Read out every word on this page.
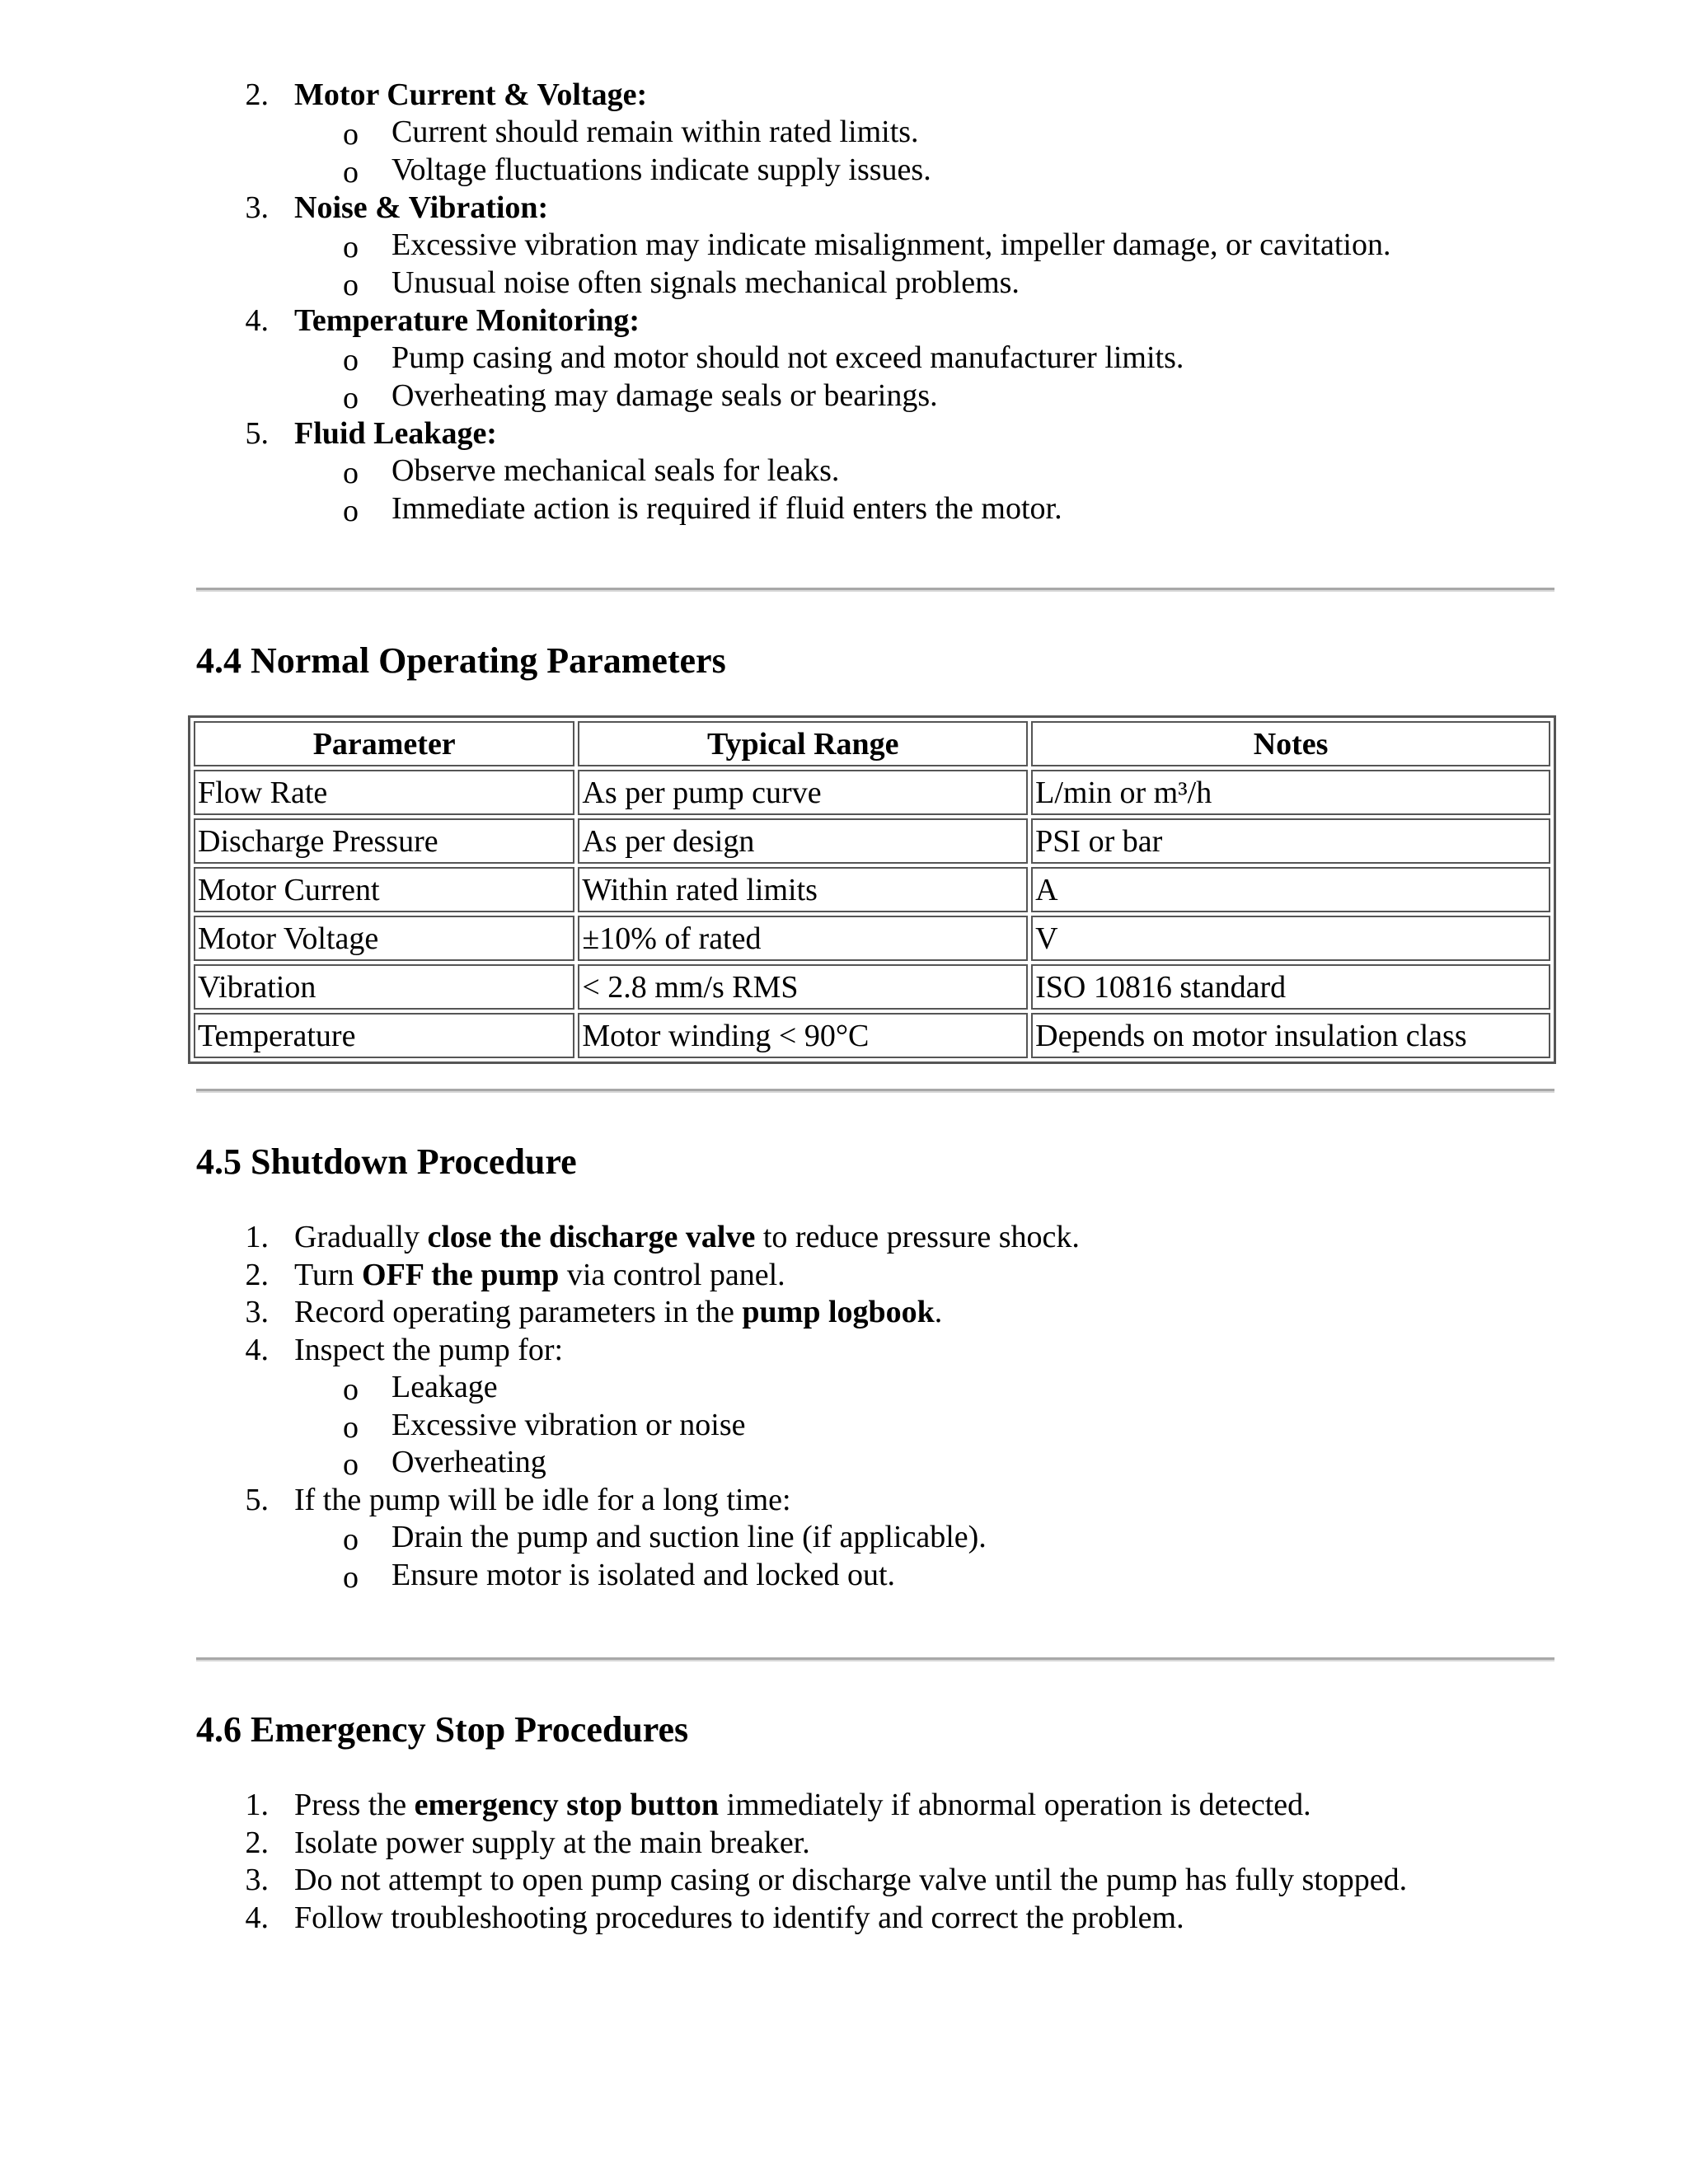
2. Motor Current & Voltage:
o Current should remain within rated limits.
o Voltage fluctuations indicate supply issues.
3. Noise & Vibration:
o Excessive vibration may indicate misalignment, impeller damage, or cavitation.
o Unusual noise often signals mechanical problems.
4. Temperature Monitoring:
o Pump casing and motor should not exceed manufacturer limits.
o Overheating may damage seals or bearings.
5. Fluid Leakage:
o Observe mechanical seals for leaks.
o Immediate action is required if fluid enters the motor.
4.4 Normal Operating Parameters
Parameter	Typical Range	Notes
Flow Rate	As per pump curve	L/min or m³/h
Discharge Pressure	As per design	PSI or bar
Motor Current	Within rated limits	A
Motor Voltage	±10% of rated	V
Vibration	< 2.8 mm/s RMS	ISO 10816 standard
Temperature	Motor winding < 90°C	Depends on motor insulation class
4.5 Shutdown Procedure
1. Gradually close the discharge valve to reduce pressure shock.
2. Turn OFF the pump via control panel.
3. Record operating parameters in the pump logbook.
4. Inspect the pump for:
o Leakage
o Excessive vibration or noise
o Overheating
5. If the pump will be idle for a long time:
o Drain the pump and suction line (if applicable).
o Ensure motor is isolated and locked out.
4.6 Emergency Stop Procedures
1. Press the emergency stop button immediately if abnormal operation is detected.
2. Isolate power supply at the main breaker.
3. Do not attempt to open pump casing or discharge valve until the pump has fully stopped.
4. Follow troubleshooting procedures to identify and correct the problem.
